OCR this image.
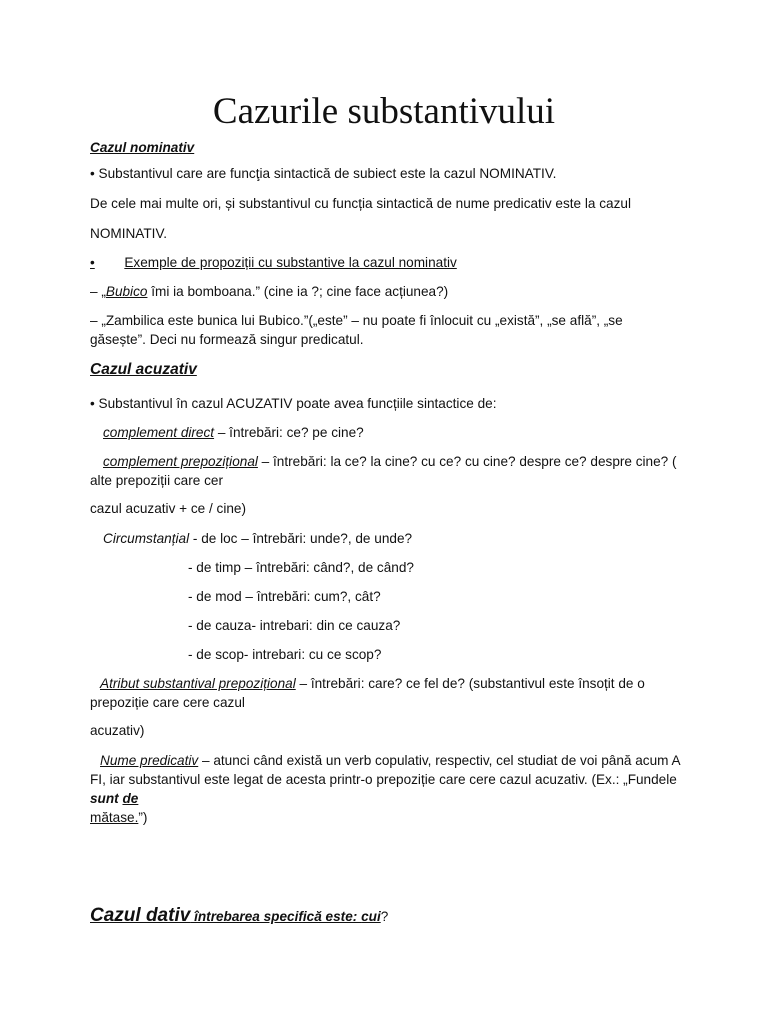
Cazurile substantivului
Cazul nominativ
• Substantivul care are funcţia sintactică de subiect este la cazul NOMINATIV.
De cele mai multe ori, și substantivul cu funcția sintactică de nume predicativ este la cazul
NOMINATIV.
• Exemple de propoziții cu substantive la cazul nominativ
– „Bubico îmi ia bomboana.” (cine ia ?; cine face acțiunea?)
– „Zambilica este bunica lui Bubico.”(„este” – nu poate fi înlocuit cu „există”, „se află”, „se găsește”. Deci nu formează singur predicatul.
Cazul acuzativ
• Substantivul în cazul ACUZATIV poate avea funcțiile sintactice de:
complement direct – întrebări: ce? pe cine?
complement prepozițional – întrebări: la ce? la cine? cu ce? cu cine? despre ce? despre cine? ( alte prepoziții care cer
cazul acuzativ + ce / cine)
Circumstanțial - de loc – întrebări: unde?, de unde?
- de timp – întrebări: când?, de când?
- de mod – întrebări: cum?, cât?
- de cauza- intrebari: din ce cauza?
- de scop- intrebari: cu ce scop?
Atribut substantival prepozițional – întrebări: care? ce fel de? (substantivul este însoțit de o prepoziție care cere cazul
acuzativ)
Nume predicativ – atunci când există un verb copulativ, respectiv, cel studiat de voi până acum A FI, iar substantivul este legat de acesta printr-o prepoziție care cere cazul acuzativ. (Ex.: „Fundele sunt de
mătase.”)
Cazul dativ întrebarea specifică este: cui?
